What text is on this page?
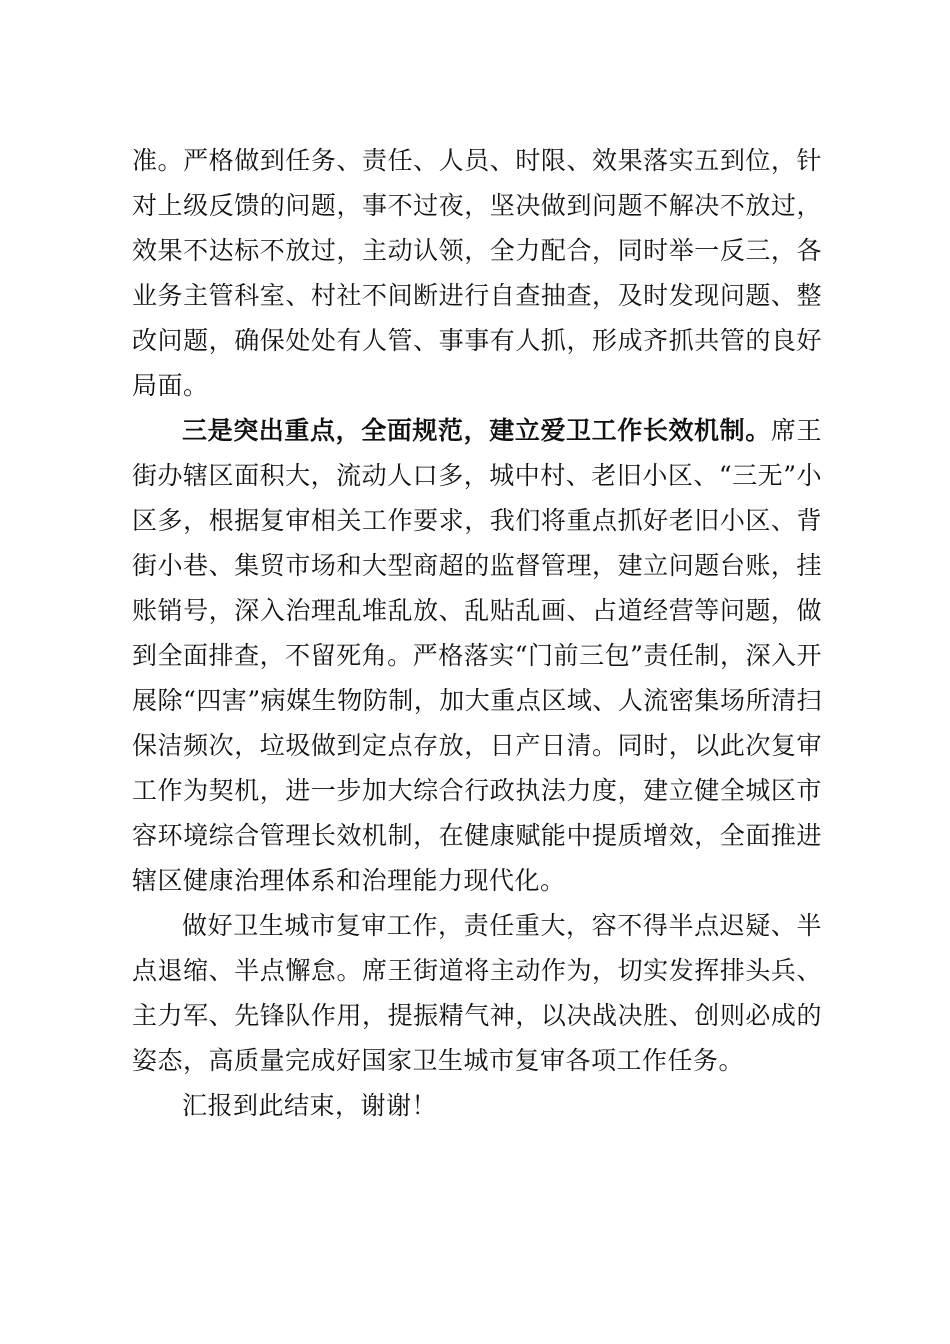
准。严格做到任务、责任、人员、时限、效果落实五到位，针对上级反馈的问题，事不过夜，坚决做到问题不解决不放过，效果不达标不放过，主动认领，全力配合，同时举一反三，各业务主管科室、村社不间断进行自查抽查，及时发现问题、整改问题，确保处处有人管、事事有人抓，形成齐抓共管的良好局面。

三是突出重点，全面规范，建立爱卫工作长效机制。席王街办辖区面积大，流动人口多，城中村、老旧小区、“三无”小区多，根据复审相关工作要求，我们将重点抓好老旧小区、背街小巷、集贸市场和大型商超的监督管理，建立问题台账，挂账销号，深入治理乱堆乱放、乱贴乱画、占道经营等问题，做到全面排查，不留死角。严格落实“门前三包”责任制，深入开展除“四害”病媒生物防制，加大重点区域、人流密集场所清扫保洁频次，垃圾做到定点存放，日产日清。同时，以此次复审工作为契机，进一步加大综合行政执法力度，建立健全城区市容环境综合管理长效机制，在健康赋能中提质增效，全面推进辖区健康治理体系和治理能力现代化。

做好卫生城市复审工作，责任重大，容不得半点迟疑、半点退缩、半点懈怠。席王街道将主动作为，切实发挥排头兵、主力军、先锋队作用，提振精气神，以决战决胜、创则必成的姿态，高质量完成好国家卫生城市复审各项工作任务。

汇报到此结束，谢谢！
